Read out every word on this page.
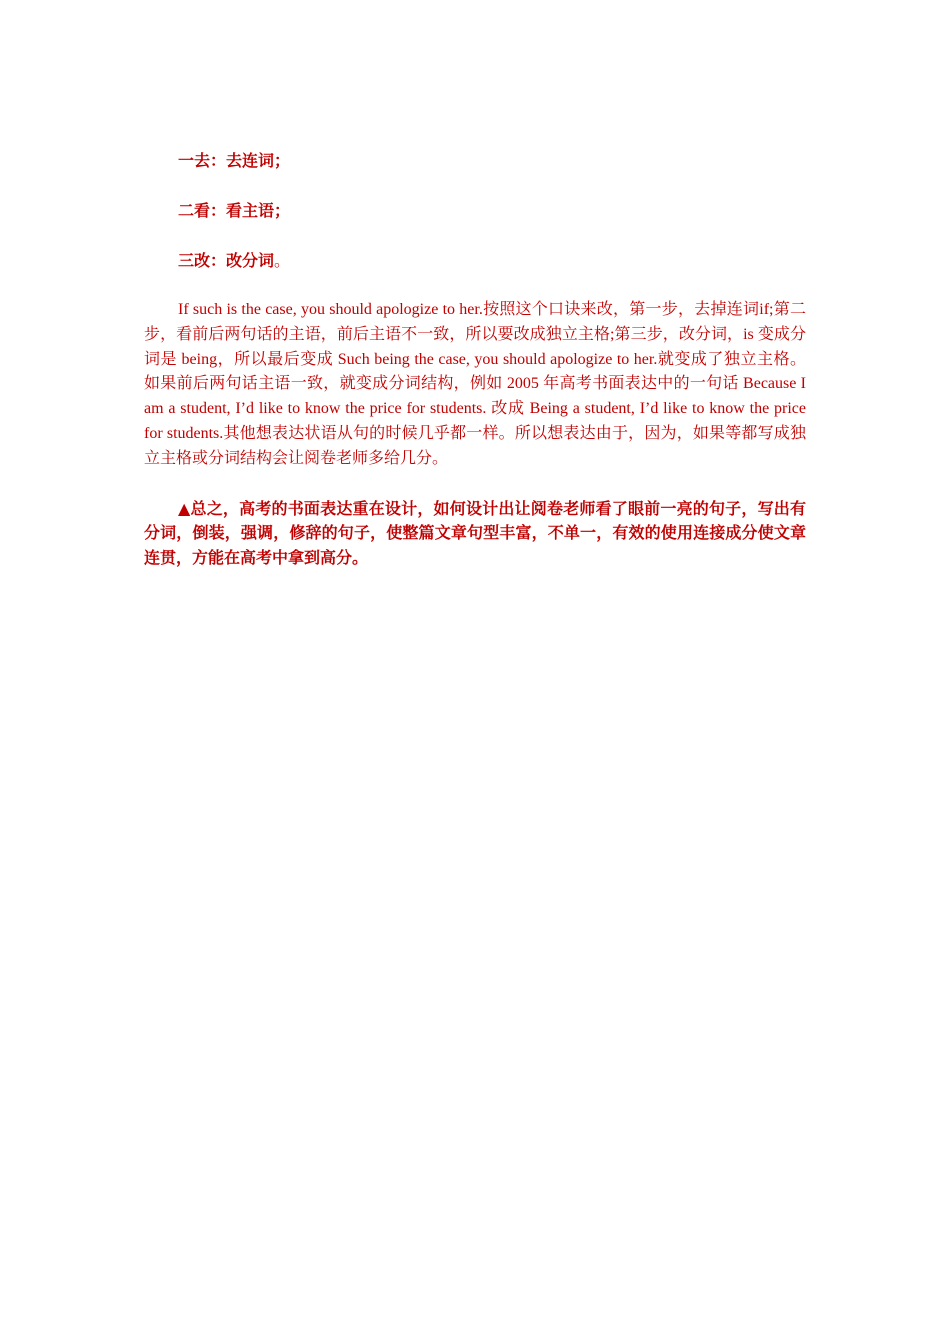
一去：去连词；

二看：看主语；

三改：改分词。

If such is the case, you should apologize to her.按照这个口诀来改，第一步，去掉连词if;第二步，看前后两句话的主语，前后主语不一致，所以要改成独立主格;第三步，改分词，is 变成分词是 being，所以最后变成 Such being the case, you should apologize to her.就变成了独立主格。如果前后两句话主语一致，就变成分词结构，例如 2005 年高考书面表达中的一句话 Because I am a student, I’d like to know the price for students. 改成 Being a student, I’d like to know the price for students.其他想表达状语从句的时候几乎都一样。所以想表达由于，因为，如果等都写成独立主格或分词结构会让阅卷老师多给几分。

▲总之，高考的书面表达重在设计，如何设计出让阅卷老师看了眼前一亮的句子，写出有分词，倒装，强调，修辞的句子，使整篇文章句型丰富，不单一，有效的使用连接成分使文章连贯，方能在高考中拿到高分。
